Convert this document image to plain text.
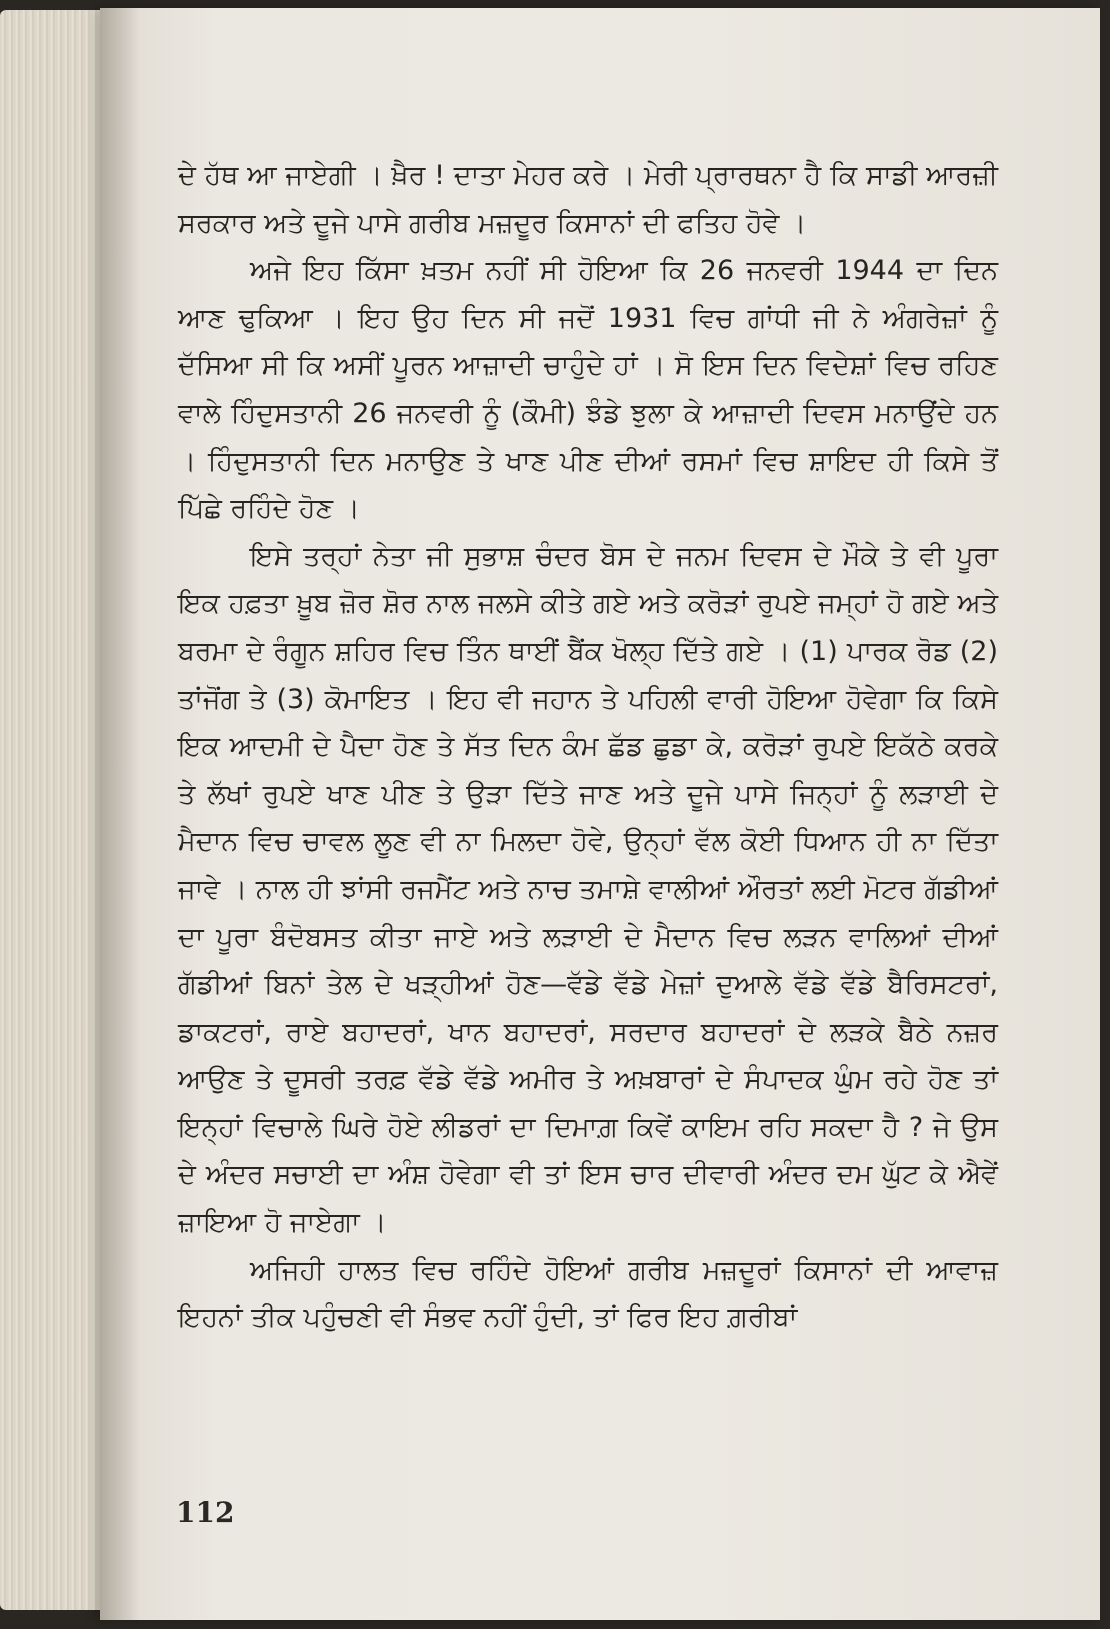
ਦੇ ਹੱਥ ਆ ਜਾਏਗੀ । ਖ਼ੈਰ ! ਦਾਤਾ ਮੇਹਰ ਕਰੇ । ਮੇਰੀ ਪ੍ਰਾਰਥਨਾ ਹੈ ਕਿ ਸਾਡੀ ਆਰਜ਼ੀ ਸਰਕਾਰ ਅਤੇ ਦੂਜੇ ਪਾਸੇ ਗਰੀਬ ਮਜ਼ਦੂਰ ਕਿਸਾਨਾਂ ਦੀ ਫਤਿਹ ਹੋਵੇ ।

ਅਜੇ ਇਹ ਕਿੱਸਾ ਖ਼ਤਮ ਨਹੀਂ ਸੀ ਹੋਇਆ ਕਿ 26 ਜਨਵਰੀ 1944 ਦਾ ਦਿਨ ਆਣ ਢੁਕਿਆ । ਇਹ ਉਹ ਦਿਨ ਸੀ ਜਦੋਂ 1931 ਵਿਚ ਗਾਂਧੀ ਜੀ ਨੇ ਅੰਗਰੇਜ਼ਾਂ ਨੂੰ ਦੱਸਿਆ ਸੀ ਕਿ ਅਸੀਂ ਪੂਰਨ ਆਜ਼ਾਦੀ ਚਾਹੁੰਦੇ ਹਾਂ । ਸੋ ਇਸ ਦਿਨ ਵਿਦੇਸ਼ਾਂ ਵਿਚ ਰਹਿਣ ਵਾਲੇ ਹਿੰਦੁਸਤਾਨੀ 26 ਜਨਵਰੀ ਨੂੰ (ਕੌਮੀ) ਝੰਡੇ ਝੁਲਾ ਕੇ ਆਜ਼ਾਦੀ ਦਿਵਸ ਮਨਾਉਂਦੇ ਹਨ । ਹਿੰਦੁਸਤਾਨੀ ਦਿਨ ਮਨਾਉਣ ਤੇ ਖਾਣ ਪੀਣ ਦੀਆਂ ਰਸਮਾਂ ਵਿਚ ਸ਼ਾਇਦ ਹੀ ਕਿਸੇ ਤੋਂ ਪਿੱਛੇ ਰਹਿੰਦੇ ਹੋਣ ।

ਇਸੇ ਤਰ੍ਹਾਂ ਨੇਤਾ ਜੀ ਸੁਭਾਸ਼ ਚੰਦਰ ਬੋਸ ਦੇ ਜਨਮ ਦਿਵਸ ਦੇ ਮੌਕੇ ਤੇ ਵੀ ਪੂਰਾ ਇਕ ਹਫ਼ਤਾ ਖ਼ੂਬ ਜ਼ੋਰ ਸ਼ੋਰ ਨਾਲ ਜਲਸੇ ਕੀਤੇ ਗਏ ਅਤੇ ਕਰੋੜਾਂ ਰੁਪਏ ਜਮ੍ਹਾਂ ਹੋ ਗਏ ਅਤੇ ਬਰਮਾ ਦੇ ਰੰਗੂਨ ਸ਼ਹਿਰ ਵਿਚ ਤਿੰਨ ਥਾਈਂ ਬੈਂਕ ਖੋਲ੍ਹ ਦਿੱਤੇ ਗਏ । (1) ਪਾਰਕ ਰੋਡ (2) ਤਾਂਜੋਂਗ ਤੇ (3) ਕੋਮਾਇਤ । ਇਹ ਵੀ ਜਹਾਨ ਤੇ ਪਹਿਲੀ ਵਾਰੀ ਹੋਇਆ ਹੋਵੇਗਾ ਕਿ ਕਿਸੇ ਇਕ ਆਦਮੀ ਦੇ ਪੈਦਾ ਹੋਣ ਤੇ ਸੱਤ ਦਿਨ ਕੰਮ ਛੱਡ ਛੁਡਾ ਕੇ, ਕਰੋੜਾਂ ਰੁਪਏ ਇਕੱਠੇ ਕਰਕੇ ਤੇ ਲੱਖਾਂ ਰੁਪਏ ਖਾਣ ਪੀਣ ਤੇ ਉੜਾ ਦਿੱਤੇ ਜਾਣ ਅਤੇ ਦੂਜੇ ਪਾਸੇ ਜਿਨ੍ਹਾਂ ਨੂੰ ਲੜਾਈ ਦੇ ਮੈਦਾਨ ਵਿਚ ਚਾਵਲ ਲੂਣ ਵੀ ਨਾ ਮਿਲਦਾ ਹੋਵੇ, ਉਨ੍ਹਾਂ ਵੱਲ ਕੋਈ ਧਿਆਨ ਹੀ ਨਾ ਦਿੱਤਾ ਜਾਵੇ । ਨਾਲ ਹੀ ਝਾਂਸੀ ਰਜਮੈਂਟ ਅਤੇ ਨਾਚ ਤਮਾਸ਼ੇ ਵਾਲੀਆਂ ਔਰਤਾਂ ਲਈ ਮੋਟਰ ਗੱਡੀਆਂ ਦਾ ਪੂਰਾ ਬੰਦੋਬਸਤ ਕੀਤਾ ਜਾਏ ਅਤੇ ਲੜਾਈ ਦੇ ਮੈਦਾਨ ਵਿਚ ਲੜਨ ਵਾਲਿਆਂ ਦੀਆਂ ਗੱਡੀਆਂ ਬਿਨਾਂ ਤੇਲ ਦੇ ਖੜ੍ਹੀਆਂ ਹੋਣ—ਵੱਡੇ ਵੱਡੇ ਮੇਜ਼ਾਂ ਦੁਆਲੇ ਵੱਡੇ ਵੱਡੇ ਬੈਰਿਸਟਰਾਂ, ਡਾਕਟਰਾਂ, ਰਾਏ ਬਹਾਦਰਾਂ, ਖਾਨ ਬਹਾਦਰਾਂ, ਸਰਦਾਰ ਬਹਾਦਰਾਂ ਦੇ ਲੜਕੇ ਬੈਠੇ ਨਜ਼ਰ ਆਉਣ ਤੇ ਦੂਸਰੀ ਤਰਫ਼ ਵੱਡੇ ਵੱਡੇ ਅਮੀਰ ਤੇ ਅਖ਼ਬਾਰਾਂ ਦੇ ਸੰਪਾਦਕ ਘੁੰਮ ਰਹੇ ਹੋਣ ਤਾਂ ਇਨ੍ਹਾਂ ਵਿਚਾਲੇ ਘਿਰੇ ਹੋਏ ਲੀਡਰਾਂ ਦਾ ਦਿਮਾਗ਼ ਕਿਵੇਂ ਕਾਇਮ ਰਹਿ ਸਕਦਾ ਹੈ ? ਜੇ ਉਸ ਦੇ ਅੰਦਰ ਸਚਾਈ ਦਾ ਅੰਸ਼ ਹੋਵੇਗਾ ਵੀ ਤਾਂ ਇਸ ਚਾਰ ਦੀਵਾਰੀ ਅੰਦਰ ਦਮ ਘੁੱਟ ਕੇ ਐਵੇਂ ਜ਼ਾਇਆ ਹੋ ਜਾਏਗਾ ।

ਅਜਿਹੀ ਹਾਲਤ ਵਿਚ ਰਹਿੰਦੇ ਹੋਇਆਂ ਗਰੀਬ ਮਜ਼ਦੂਰਾਂ ਕਿਸਾਨਾਂ ਦੀ ਆਵਾਜ਼ ਇਹਨਾਂ ਤੀਕ ਪਹੁੰਚਣੀ ਵੀ ਸੰਭਵ ਨਹੀਂ ਹੁੰਦੀ, ਤਾਂ ਫਿਰ ਇਹ ਗ਼ਰੀਬਾਂ

112
